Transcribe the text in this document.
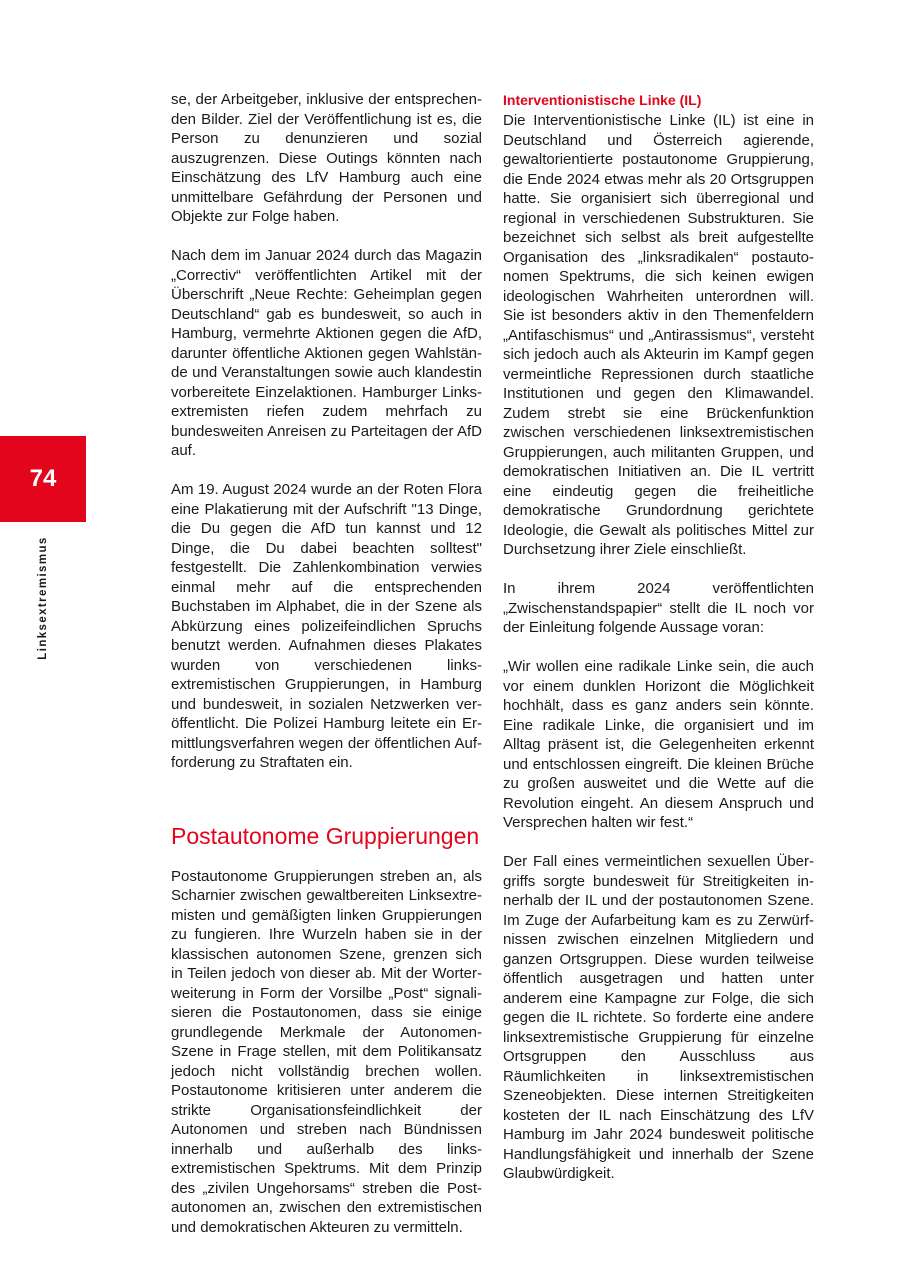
74
Linksextremismus

se, der Arbeitgeber, inklusive der entsprechenden Bilder. Ziel der Veröffentlichung ist es, die Person zu denunzieren und sozial auszugrenzen. Diese Outings könnten nach Einschätzung des LfV Hamburg auch eine unmittelbare Gefährdung der Personen und Objekte zur Folge haben.

Nach dem im Januar 2024 durch das Magazin „Correctiv“ veröffentlichten Artikel mit der Überschrift „Neue Rechte: Geheimplan gegen Deutschland“ gab es bundesweit, so auch in Hamburg, vermehrte Aktionen gegen die AfD, darunter öffentliche Aktionen gegen Wahlstände und Veranstaltungen sowie auch klandestin vorbereitete Einzelaktionen. Hamburger Linksextremisten riefen zudem mehrfach zu bundesweiten Anreisen zu Parteitagen der AfD auf.

Am 19. August 2024 wurde an der Roten Flora eine Plakatierung mit der Aufschrift "13 Dinge, die Du gegen die AfD tun kannst und 12 Dinge, die Du dabei beachten solltest" festgestellt. Die Zahlenkombination verwies einmal mehr auf die entsprechenden Buchstaben im Alphabet, die in der Szene als Abkürzung eines polizeifeindlichen Spruchs benutzt werden. Aufnahmen dieses Plakates wurden von verschiedenen linksextremistischen Gruppierungen, in Hamburg und bundesweit, in sozialen Netzwerken veröffentlicht. Die Polizei Hamburg leitete ein Ermittlungsverfahren wegen der öffentlichen Aufforderung zu Straftaten ein.

Postautonome Gruppierungen

Postautonome Gruppierungen streben an, als Scharnier zwischen gewaltbereiten Linksextremisten und gemäßigten linken Gruppierungen zu fungieren. Ihre Wurzeln haben sie in der klassischen autonomen Szene, grenzen sich in Teilen jedoch von dieser ab. Mit der Worterweiterung in Form der Vorsilbe „Post“ signalisieren die Postautonomen, dass sie einige grundlegende Merkmale der Autonomen-Szene in Frage stellen, mit dem Politikansatz jedoch nicht vollständig brechen wollen. Postautonome kritisieren unter anderem die strikte Organisationsfeindlichkeit der Autonomen und streben nach Bündnissen innerhalb und außerhalb des linksextremistischen Spektrums. Mit dem Prinzip des „zivilen Ungehorsams“ streben die Postautonomen an, zwischen den extremistischen und demokratischen Akteuren zu vermitteln.

Interventionistische Linke (IL)

Die Interventionistische Linke (IL) ist eine in Deutschland und Österreich agierende, gewaltorientierte postautonome Gruppierung, die Ende 2024 etwas mehr als 20 Ortsgruppen hatte. Sie organisiert sich überregional und regional in verschiedenen Substrukturen. Sie bezeichnet sich selbst als breit aufgestellte Organisation des „linksradikalen“ postautonomen Spektrums, die sich keinen ewigen ideologischen Wahrheiten unterordnen will. Sie ist besonders aktiv in den Themenfeldern „Antifaschismus“ und „Antirassismus“, versteht sich jedoch auch als Akteurin im Kampf gegen vermeintliche Repressionen durch staatliche Institutionen und gegen den Klimawandel. Zudem strebt sie eine Brückenfunktion zwischen verschiedenen linksextremistischen Gruppierungen, auch militanten Gruppen, und demokratischen Initiativen an. Die IL vertritt eine eindeutig gegen die freiheitliche demokratische Grundordnung gerichtete Ideologie, die Gewalt als politisches Mittel zur Durchsetzung ihrer Ziele einschließt.

In ihrem 2024 veröffentlichten „Zwischenstandspapier“ stellt die IL noch vor der Einleitung folgende Aussage voran:

„Wir wollen eine radikale Linke sein, die auch vor einem dunklen Horizont die Möglichkeit hochhält, dass es ganz anders sein könnte. Eine radikale Linke, die organisiert und im Alltag präsent ist, die Gelegenheiten erkennt und entschlossen eingreift. Die kleinen Brüche zu großen ausweitet und die Wette auf die Revolution eingeht. An diesem Anspruch und Versprechen halten wir fest.“

Der Fall eines vermeintlichen sexuellen Übergriffs sorgte bundesweit für Streitigkeiten innerhalb der IL und der postautonomen Szene. Im Zuge der Aufarbeitung kam es zu Zerwürfnissen zwischen einzelnen Mitgliedern und ganzen Ortsgruppen. Diese wurden teilweise öffentlich ausgetragen und hatten unter anderem eine Kampagne zur Folge, die sich gegen die IL richtete. So forderte eine andere linksextremistische Gruppierung für einzelne Ortsgruppen den Ausschluss aus Räumlichkeiten in linksextremistischen Szeneobjekten. Diese internen Streitigkeiten kosteten der IL nach Einschätzung des LfV Hamburg im Jahr 2024 bundesweit politische Handlungsfähigkeit und innerhalb der Szene Glaubwürdigkeit.
